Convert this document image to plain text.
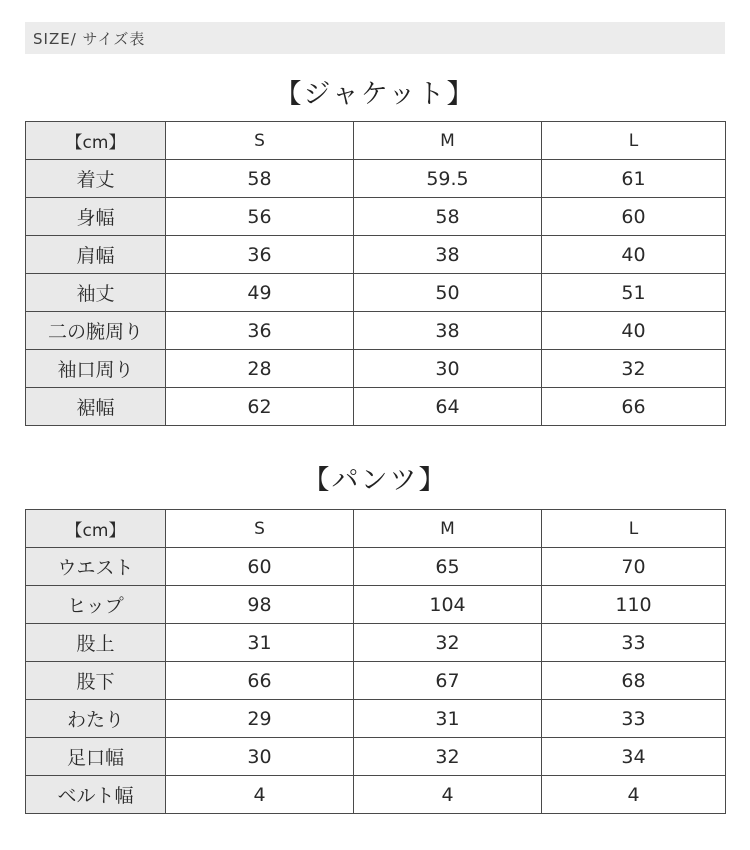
SIZE/ サイズ表
【ジャケット】
【cm】	S	M	L
着丈	58	59.5	61
身幅	56	58	60
肩幅	36	38	40
袖丈	49	50	51
二の腕周り	36	38	40
袖口周り	28	30	32
裾幅	62	64	66
【パンツ】
【cm】	S	M	L
ウエスト	60	65	70
ヒップ	98	104	110
股上	31	32	33
股下	66	67	68
わたり	29	31	33
足口幅	30	32	34
ベルト幅	4	4	4
